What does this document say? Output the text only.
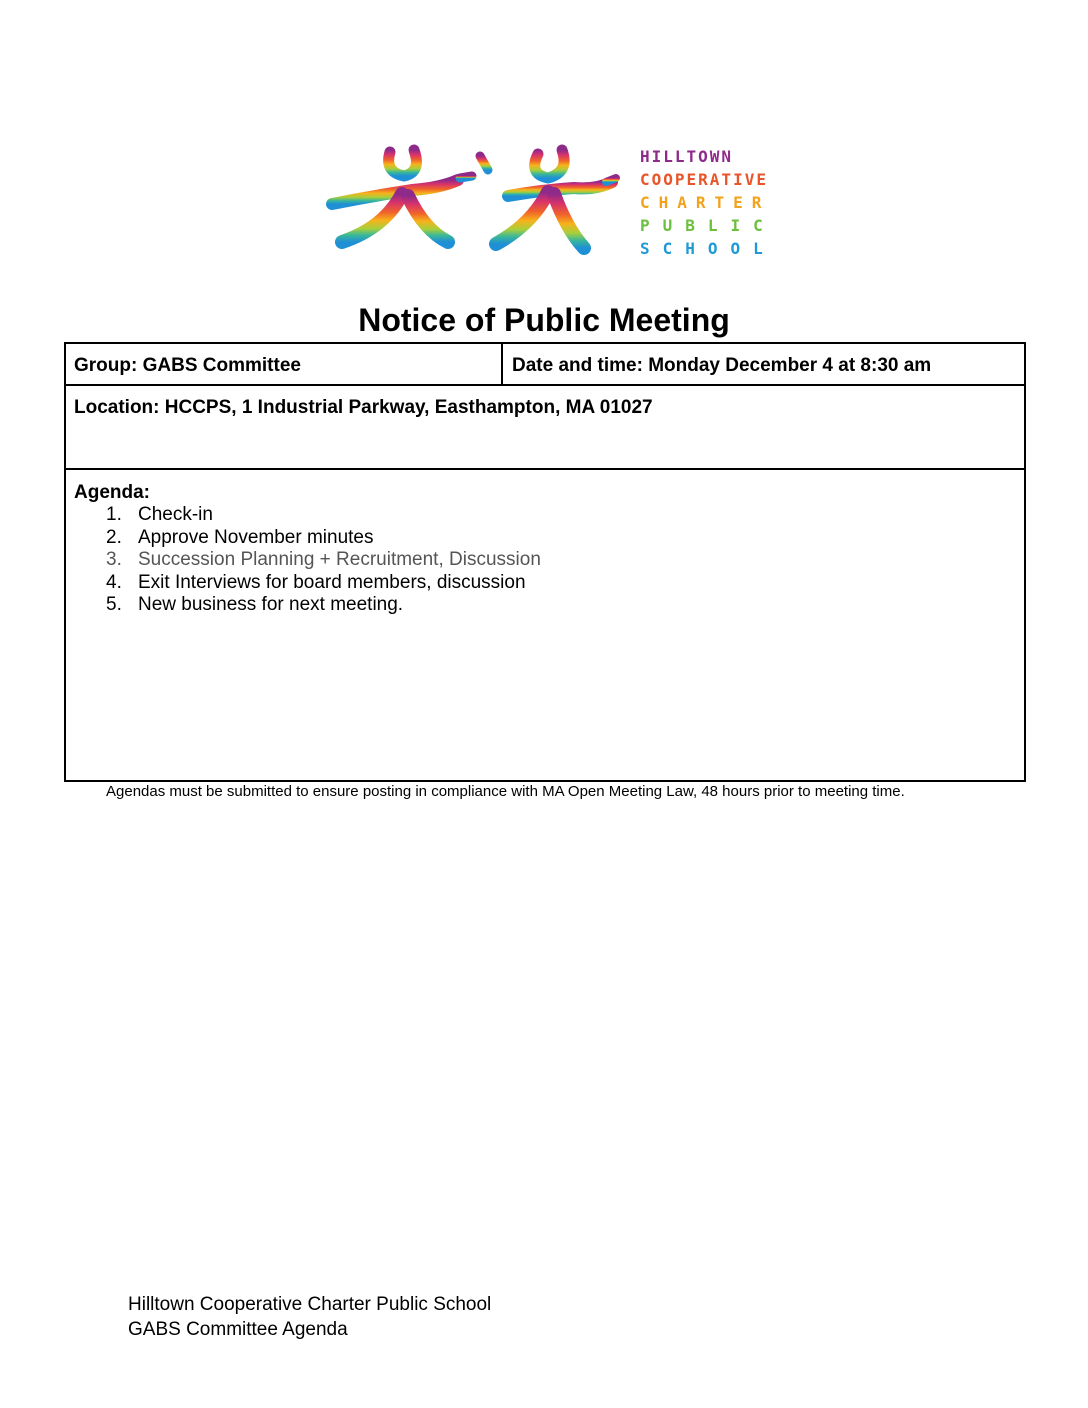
HILLTOWN
COOPERATIVE
CHARTER
PUBLIC
SCHOOL
Notice of Public Meeting
Group: GABS Committee	Date and time: Monday December 4 at 8:30 am
Location: HCCPS, 1 Industrial Parkway, Easthampton, MA 01027
Agenda:
1. Check-in
2. Approve November minutes
3. Succession Planning + Recruitment, Discussion
4. Exit Interviews for board members, discussion
5. New business for next meeting.
Agendas must be submitted to ensure posting in compliance with MA Open Meeting Law, 48 hours prior to meeting time.
Hilltown Cooperative Charter Public School
GABS Committee Agenda
